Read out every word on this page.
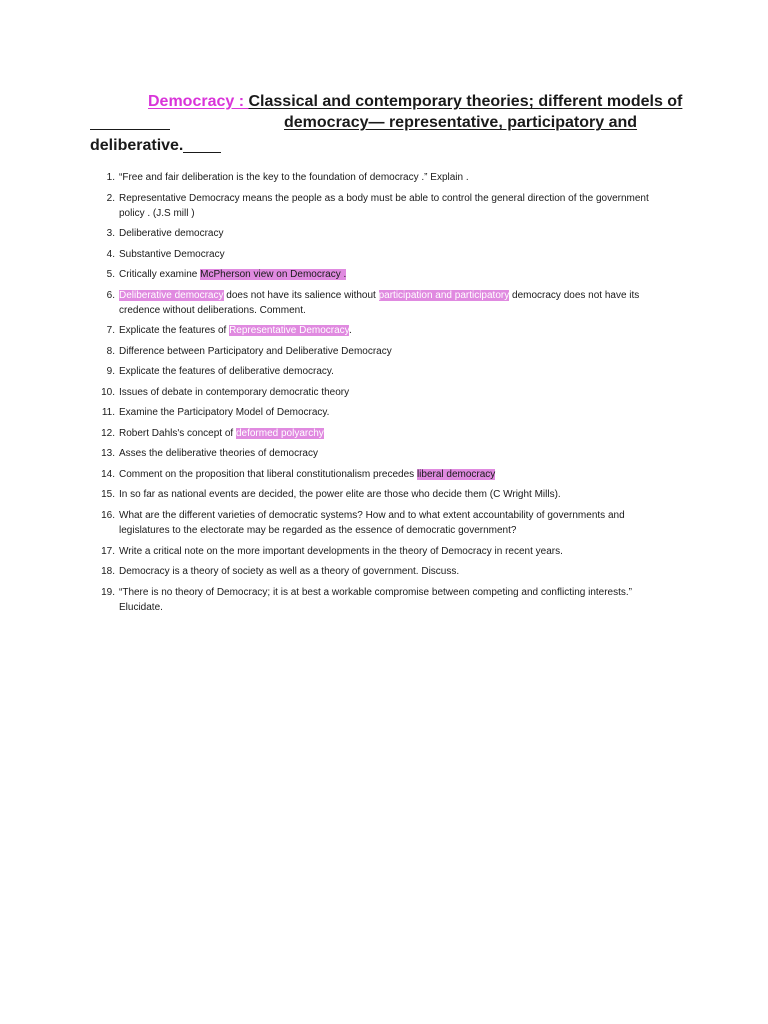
Democracy : Classical and contemporary theories; different models of
democracy— representative, participatory and
deliberative.
1. “Free and fair deliberation is the key to the foundation of democracy .” Explain .
2. Representative Democracy means the people as a body must be able to control the general direction of the government policy . (J.S mill )
3. Deliberative democracy
4. Substantive Democracy
5. Critically examine McPherson view on Democracy .
6. Deliberative democracy does not have its salience without participation and participatory democracy does not have its credence without deliberations. Comment.
7. Explicate the features of Representative Democracy.
8. Difference between Participatory and Deliberative Democracy
9. Explicate the features of deliberative democracy.
10. Issues of debate in contemporary democratic theory
11. Examine the Participatory Model of Democracy.
12. Robert Dahls's concept of deformed polyarchy
13. Asses the deliberative theories of democracy
14. Comment on the proposition that liberal constitutionalism precedes liberal democracy
15. In so far as national events are decided, the power elite are those who decide them (C Wright Mills).
16. What are the different varieties of democratic systems? How and to what extent accountability of governments and legislatures to the electorate may be regarded as the essence of democratic government?
17. Write a critical note on the more important developments in the theory of Democracy in recent years.
18. Democracy is a theory of society as well as a theory of government. Discuss.
19. “There is no theory of Democracy; it is at best a workable compromise between competing and conflicting interests.” Elucidate.
